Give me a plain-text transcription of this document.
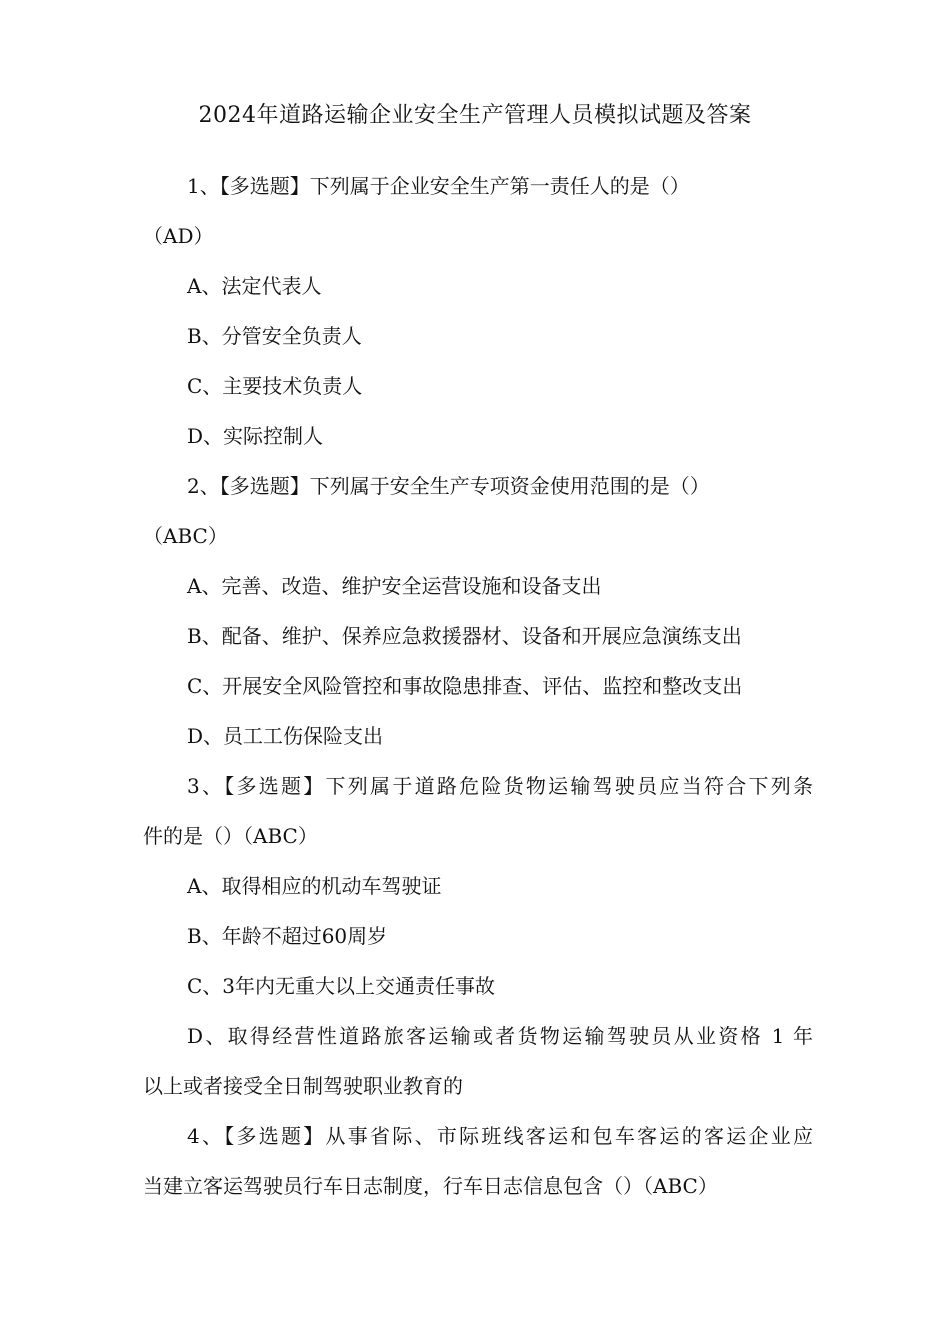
2024年道路运输企业安全生产管理人员模拟试题及答案
1、【多选题】下列属于企业安全生产第一责任人的是（）
（AD）
A、法定代表人
B、分管安全负责人
C、主要技术负责人
D、实际控制人
2、【多选题】下列属于安全生产专项资金使用范围的是（）
（ABC）
A、完善、改造、维护安全运营设施和设备支出
B、配备、维护、保养应急救援器材、设备和开展应急演练支出
C、开展安全风险管控和事故隐患排查、评估、监控和整改支出
D、员工工伤保险支出
3、【多选题】下列属于道路危险货物运输驾驶员应当符合下列条
件的是（）（ABC）
A、取得相应的机动车驾驶证
B、年龄不超过60周岁
C、3年内无重大以上交通责任事故
D、取得经营性道路旅客运输或者货物运输驾驶员从业资格 1 年
以上或者接受全日制驾驶职业教育的
4、【多选题】从事省际、市际班线客运和包车客运的客运企业应
当建立客运驾驶员行车日志制度，行车日志信息包含（）（ABC）
